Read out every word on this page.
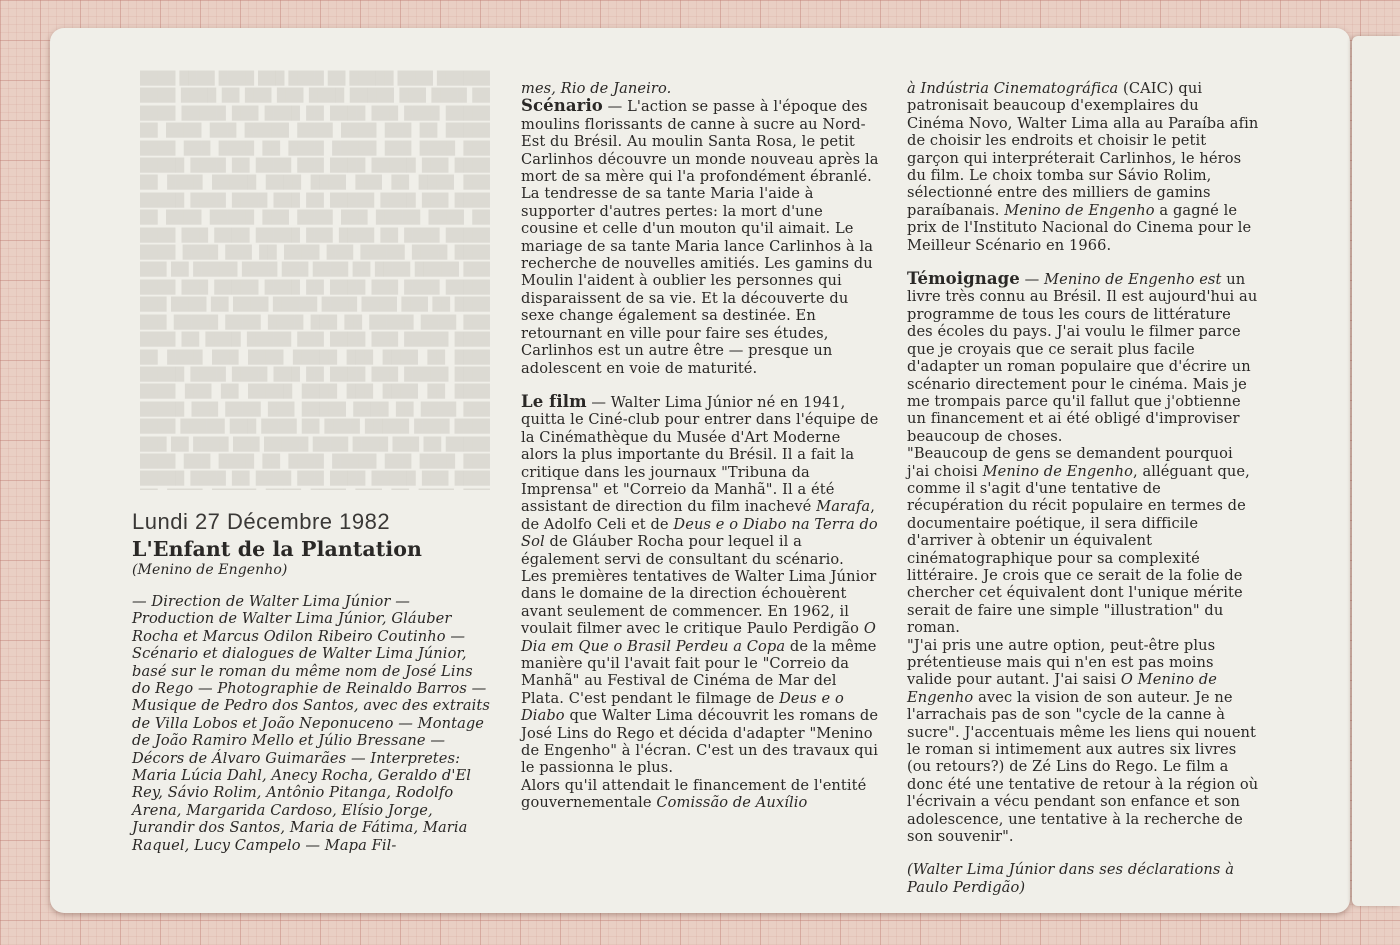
████ ████ ████ ███ ████ ██ █████ ████ ██████ ████ ████ ██ ███ ███ ████ █████ ███ ████ ██ ████ █████ ███ ████ ██ ████ ███ ████ █████ ██ ████ ███ █████ ████ ████ ███ ██ █████ ████ ███ ████ ██ ████ █████ ███ ████ ███ █████ ████ ██ ████ ███ ████ █████ ███ ████ ██ ████ █████ ████ ████ ███ ██ ████ ███ █████ ████ ████ ███ ██ █████ ████ ███ ████ ██ ████ █████ ███ ████ ███ █████ ████ ██ ████ ███ ████ █████ ███ ████ ██ ████ █████ ████ ████ ███ ██ ████ ███ █████ ████ ████ ███ ██ █████ ████ ███ ████ ██ ████ █████ ███ ████ ███ █████ ████ ██ ████ ███ ████ █████ ███ ████ ██ ████ █████ ████ ████ ███ ██ ████ ███ █████ ████ ████ ███ ██ █████ ████ ███ ████ ██ ████ █████ ███ ████ ███ █████ ████ ██ ████ ███ ████ █████ ███ ████ ██ ████ █████ ████ ████ ███ ██ ████ ███ █████ ████ ████ ███ ██ █████ ████ ███ ████ ██ ████ █████ ███ ████ ███ █████ ████ ██ ████ ███ ████ █████ ███ ████ ██ ████ █████ ████ ████ ███ ██ ████ ███ █████ ████ ████ ███ ██ █████ ████ ███ ████ ██ ████ █████ ███ ████ ███ █████ ████ ██ ████ ███ ████ █████ ███ ████

Lundi 27 Décembre 1982

L'Enfant de la Plantation

(Menino de Engenho)

— Direction de Walter Lima Júnior — Production de Walter Lima Júnior, Gláuber Rocha et Marcus Odilon Ribeiro Coutinho — Scénario et dialogues de Walter Lima Júnior, basé sur le roman du même nom de José Lins do Rego — Photographie de Reinaldo Barros — Musique de Pedro dos Santos, avec des extraits de Villa Lobos et João Neponuceno — Montage de João Ramiro Mello et Júlio Bressane — Décors de Álvaro Guimarães — Interpretes: Maria Lúcia Dahl, Anecy Rocha, Geraldo d'El Rey, Sávio Rolim, Antônio Pitanga, Rodolfo Arena, Margarida Cardoso, Elísio Jorge, Jurandir dos Santos, Maria de Fátima, Maria Raquel, Lucy Campelo — Mapa Fil-

mes, Rio de Janeiro.

Scénario — L'action se passe à l'époque des moulins florissants de canne à sucre au Nord-Est du Brésil. Au moulin Santa Rosa, le petit Carlinhos découvre un monde nouveau après la mort de sa mère qui l'a profondément ébranlé. La tendresse de sa tante Maria l'aide à supporter d'autres pertes: la mort d'une cousine et celle d'un mouton qu'il aimait. Le mariage de sa tante Maria lance Carlinhos à la recherche de nouvelles amitiés. Les gamins du Moulin l'aident à oublier les personnes qui disparaissent de sa vie. Et la découverte du sexe change également sa destinée. En retournant en ville pour faire ses études, Carlinhos est un autre être — presque un adolescent en voie de maturité.

Le film — Walter Lima Júnior né en 1941, quitta le Ciné-club pour entrer dans l'équipe de la Cinémathèque du Musée d'Art Moderne alors la plus importante du Brésil. Il a fait la critique dans les journaux "Tribuna da Imprensa" et "Correio da Manhã". Il a été assistant de direction du film inachevé Marafa, de Adolfo Celi et de Deus e o Diabo na Terra do Sol de Gláuber Rocha pour lequel il a également servi de consultant du scénario.

Les premières tentatives de Walter Lima Júnior dans le domaine de la direction échouèrent avant seulement de commencer. En 1962, il voulait filmer avec le critique Paulo Perdigão O Dia em Que o Brasil Perdeu a Copa de la même manière qu'il l'avait fait pour le "Correio da Manhã" au Festival de Cinéma de Mar del Plata. C'est pendant le filmage de Deus e o Diabo que Walter Lima découvrit les romans de José Lins do Rego et décida d'adapter "Menino de Engenho" à l'écran. C'est un des travaux qui le passionna le plus.

Alors qu'il attendait le financement de l'entité gouvernementale Comissão de Auxílio

à Indústria Cinematográfica (CAIC) qui patronisait beaucoup d'exemplaires du Cinéma Novo, Walter Lima alla au Paraíba afin de choisir les endroits et choisir le petit garçon qui interpréterait Carlinhos, le héros du film. Le choix tomba sur Sávio Rolim, sélectionné entre des milliers de gamins paraíbanais. Menino de Engenho a gagné le prix de l'Instituto Nacional do Cinema pour le Meilleur Scénario en 1966.

Témoignage — Menino de Engenho est un livre très connu au Brésil. Il est aujourd'hui au programme de tous les cours de littérature des écoles du pays. J'ai voulu le filmer parce que je croyais que ce serait plus facile d'adapter un roman populaire que d'écrire un scénario directement pour le cinéma. Mais je me trompais parce qu'il fallut que j'obtienne un financement et ai été obligé d'improviser beaucoup de choses.

"Beaucoup de gens se demandent pourquoi j'ai choisi Menino de Engenho, alléguant que, comme il s'agit d'une tentative de récupération du récit populaire en termes de documentaire poétique, il sera difficile d'arriver à obtenir un équivalent cinématographique pour sa complexité littéraire. Je crois que ce serait de la folie de chercher cet équivalent dont l'unique mérite serait de faire une simple "illustration" du roman.

"J'ai pris une autre option, peut-être plus prétentieuse mais qui n'en est pas moins valide pour autant. J'ai saisi O Menino de Engenho avec la vision de son auteur. Je ne l'arrachais pas de son "cycle de la canne à sucre". J'accentuais même les liens qui nouent le roman si intimement aux autres six livres (ou retours?) de Zé Lins do Rego. Le film a donc été une tentative de retour à la région où l'écrivain a vécu pendant son enfance et son adolescence, une tentative à la recherche de son souvenir".

(Walter Lima Júnior dans ses déclarations à Paulo Perdigão)
